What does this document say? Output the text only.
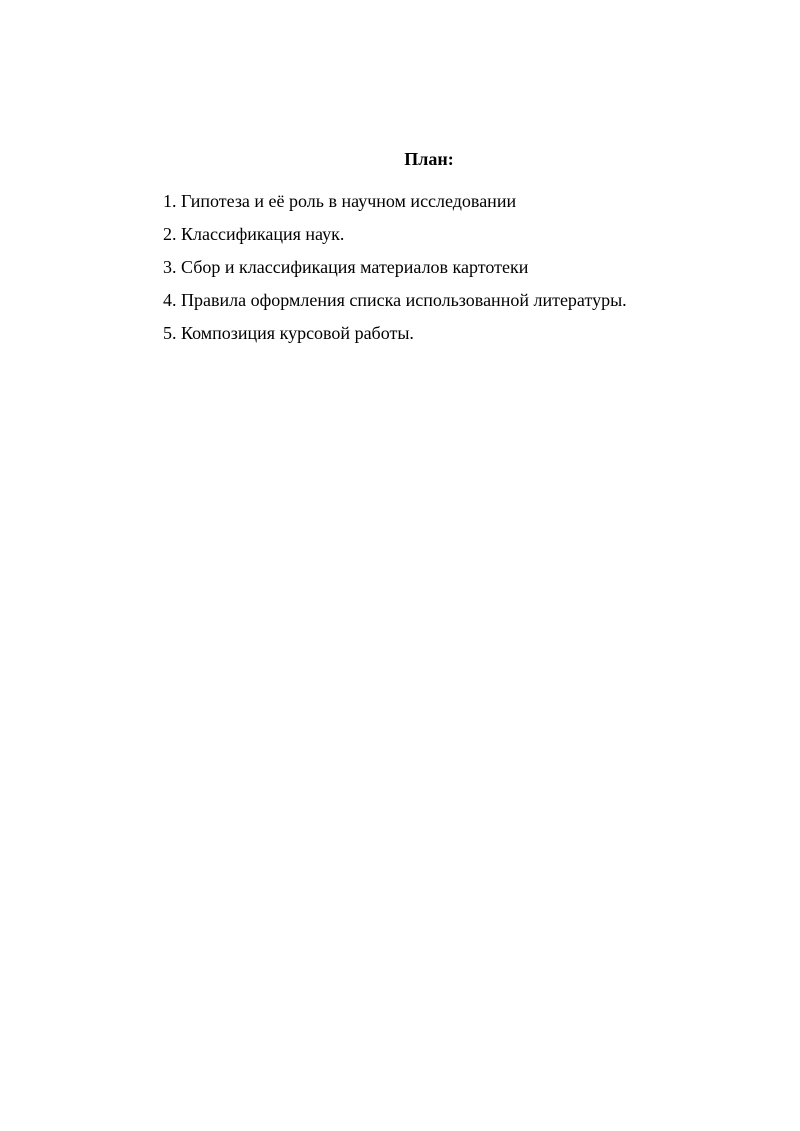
План:
1. Гипотеза и её роль в научном исследовании
2. Классификация наук.
3. Сбор и классификация материалов картотеки
4. Правила оформления списка использованной литературы.
5. Композиция курсовой работы.
